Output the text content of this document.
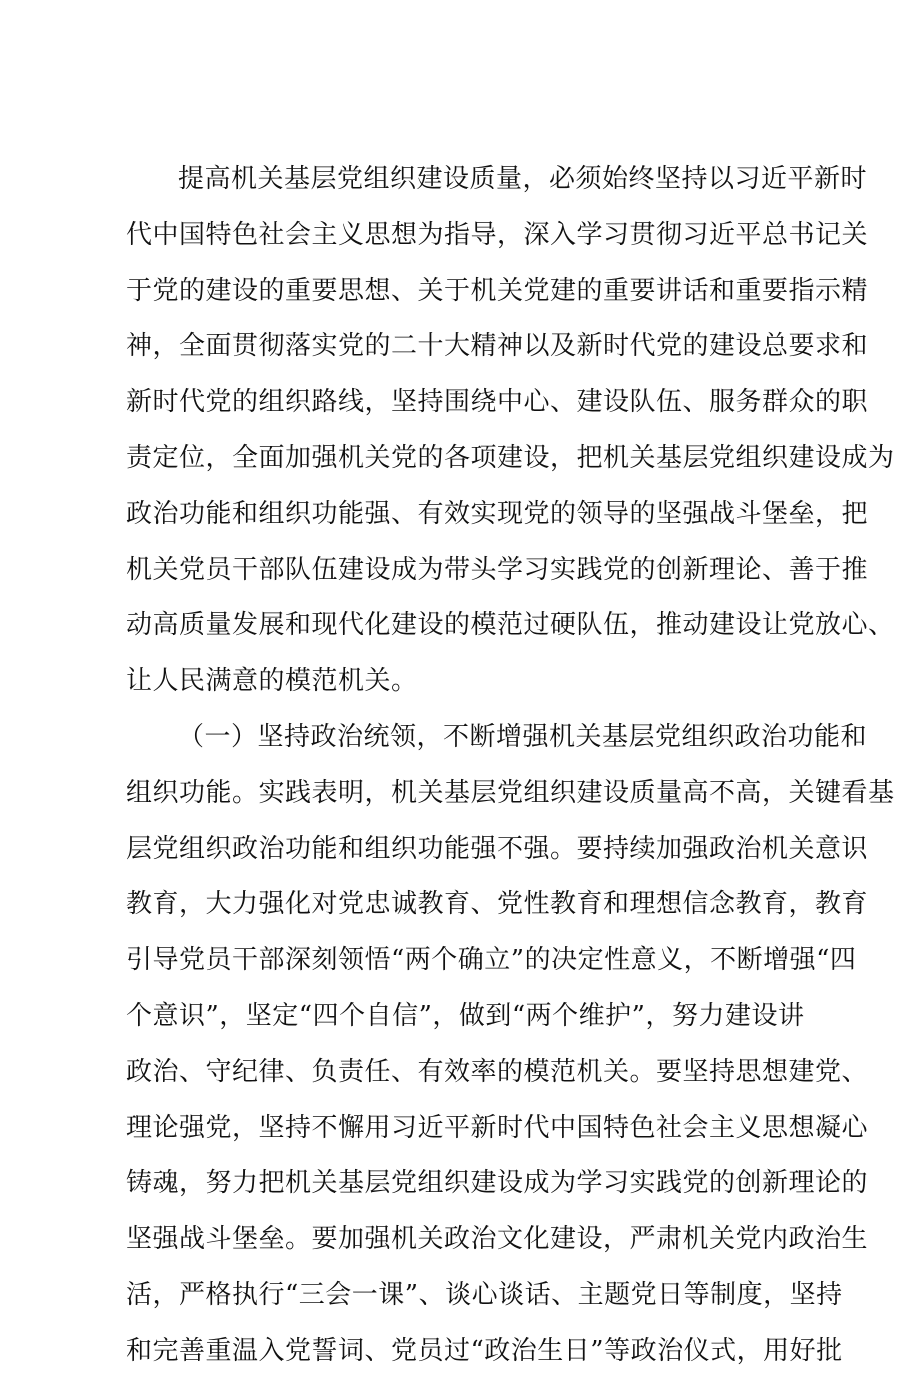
提高机关基层党组织建设质量，必须始终坚持以习近平新时
代中国特色社会主义思想为指导，深入学习贯彻习近平总书记关
于党的建设的重要思想、关于机关党建的重要讲话和重要指示精
神，全面贯彻落实党的二十大精神以及新时代党的建设总要求和
新时代党的组织路线，坚持围绕中心、建设队伍、服务群众的职
责定位，全面加强机关党的各项建设，把机关基层党组织建设成为
政治功能和组织功能强、有效实现党的领导的坚强战斗堡垒，把
机关党员干部队伍建设成为带头学习实践党的创新理论、善于推
动高质量发展和现代化建设的模范过硬队伍，推动建设让党放心、
让人民满意的模范机关。
（一）坚持政治统领，不断增强机关基层党组织政治功能和
组织功能。实践表明，机关基层党组织建设质量高不高，关键看基
层党组织政治功能和组织功能强不强。要持续加强政治机关意识
教育，大力强化对党忠诚教育、党性教育和理想信念教育，教育
引导党员干部深刻领悟“两个确立”的决定性意义，不断增强“四
个意识”，坚定“四个自信”，做到“两个维护”，努力建设讲
政治、守纪律、负责任、有效率的模范机关。要坚持思想建党、
理论强党，坚持不懈用习近平新时代中国特色社会主义思想凝心
铸魂，努力把机关基层党组织建设成为学习实践党的创新理论的
坚强战斗堡垒。要加强机关政治文化建设，严肃机关党内政治生
活，严格执行“三会一课”、谈心谈话、主题党日等制度，坚持
和完善重温入党誓词、党员过“政治生日”等政治仪式，用好批
